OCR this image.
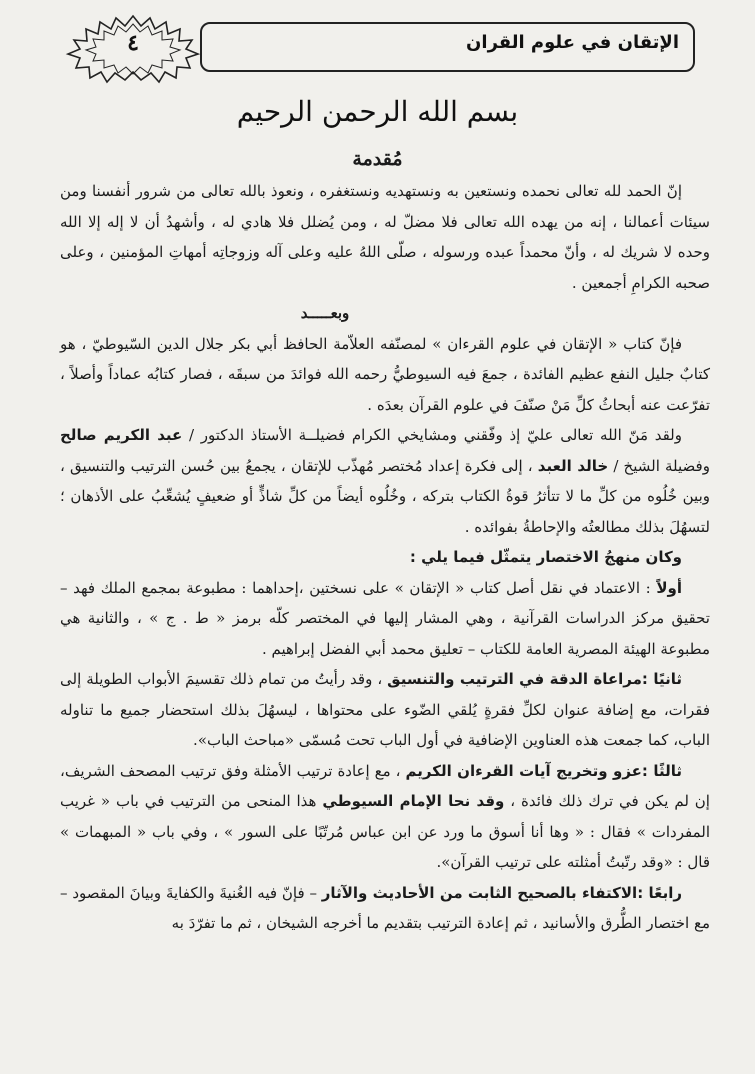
الإتقان في علوم القران
٤
بسم الله الرحمن الرحيم
مُقدمة

إنّ الحمد لله تعالى نحمده ونستعين به ونستهديه ونستغفره ، ونعوذ بالله تعالى من شرور أنفسنا ومن سيئات أعمالنا ، إنه من يهده الله تعالى فلا مضلّ له ، ومن يُضلل فلا هادي له ، وأشهدُ أن لا إله إلا الله وحده لا شريك له ، وأنّ محمداً عبده ورسوله ، صلّى اللهُ عليه وعلى آله وزوجاتِه أمهاتِ المؤمنين ، وعلى صحبه الكرامِ أجمعين .

وبعـــــد

فإنّ كتاب « الإتقان في علوم القرءان » لمصنّفه العلاّمة الحافظ أبي بكر جلال الدين السّيوطيّ ، هو كتابٌ جليل النفع عظيم الفائدة ، جمعَ فيه السيوطيُّ رحمه الله فوائدَ من سبقَه ، فصار كتابُه عماداً وأصلاً ، تفرّعت عنه أبحاثُ كلِّ مَنْ صنّفَ في علوم القرآن بعدَه .

ولقد مَنّ الله تعالى عليّ إذ وفّقني ومشايخي الكرام فضيلــة الأستاذ الدكتور / عبد الكريم صالح وفضيلة الشيخ / خالد العبد ، إلى فكرة إعداد مُختصر مُهذّب للإتقان ، يجمعُ بين حُسن الترتيب والتنسيق ، وبين خُلُوه من كلِّ ما لا تتأثرُ قوةُ الكتاب بتركه ، وخُلُوه أيضاً من كلِّ شاذٍّ أو ضعيفٍ يُشعِّبُ على الأذهان ؛ لتسهُلَ بذلك مطالعتُه والإحاطةُ بفوائده .

وكان منهجُ الاختصار يتمثّل فيما يلي :

أولاً : الاعتماد في نقل أصل كتاب « الإتقان » على نسختين ،إحداهما : مطبوعة بمجمع الملك فهد – تحقيق مركز الدراسات القرآنية ، وهي المشار إليها في المختصر كلّه برمز « ط . ج » ، والثانية هي مطبوعة الهيئة المصرية العامة للكتاب – تعليق محمد أبي الفضل إبراهيم .

ثانيًا :مراعاة الدقة في الترتيب والتنسيق ، وقد رأيتُ من تمام ذلك تقسيمَ الأبواب الطويلة إلى فقرات، مع إضافة عنوان لكلِّ فقرةٍ يُلقي الضّوء على محتواها ، ليسهُلَ بذلك استحضار جميع ما تناوله الباب، كما جمعت هذه العناوين الإضافية في أول الباب تحت مُسمّى «مباحث الباب».

ثالثًا :عزو وتخريج آيات القرءان الكريم ، مع إعادة ترتيب الأمثلة وفق ترتيب المصحف الشريف، إن لم يكن في ترك ذلك فائدة ، وقد نحا الإمام السيوطي هذا المنحى من الترتيب في باب « غريب المفردات » فقال : « وها أنا أسوق ما ورد عن ابن عباس مُرتّبًا على السور » ، وفي باب « المبهمات » قال : «وقد رتّبتُ أمثلته على ترتيب القرآن».

رابعًا :الاكتفاء بالصحيح الثابت من الأحاديث والآثار – فإنّ فيه الغُنيةَ والكفايةَ وبيانَ المقصود – مع اختصار الطُّرق والأسانيد ، ثم إعادة الترتيب بتقديم ما أخرجه الشيخان ، ثم ما تفرّدَ به
